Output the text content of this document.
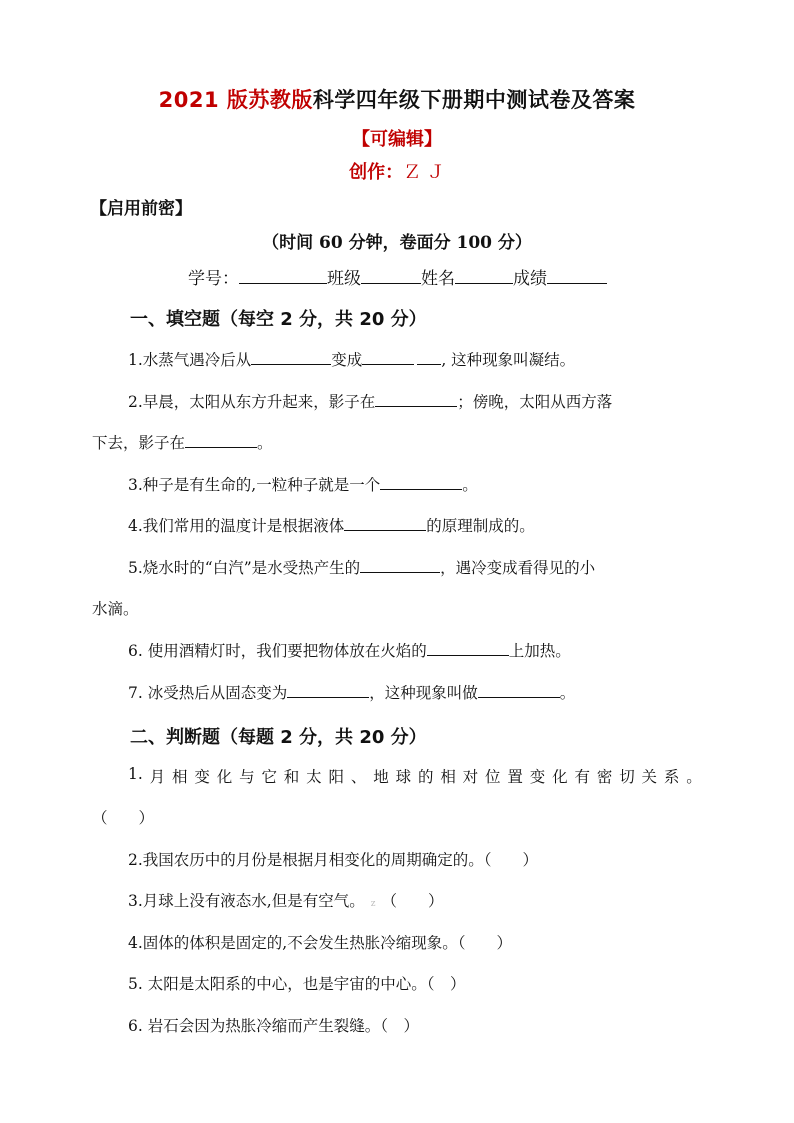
2021 版苏教版科学四年级下册期中测试卷及答案
【可编辑】
创作：Ｚ Ｊ
【启用前密】
（时间 60 分钟，卷面分 100 分）
学号：	班级	姓名	成绩
一、填空题（每空 2 分，共 20 分）
1.水蒸气遇冷后从	变成	, 这种现象叫凝结。
2.早晨，太阳从东方升起来，影子在	；傍晚，太阳从西方落
下去，影子在	。
3.种子是有生命的,一粒种子就是一个	。
4.我们常用的温度计是根据液体	的原理制成的。
5.烧水时的“白汽”是水受热产生的	，遇冷变成看得见的小
水滴。
6. 使用酒精灯时，我们要把物体放在火焰的	上加热。
7. 冰受热后从固态变为	，这种现象叫做	。
二、判断题（每题 2 分，共 20 分）
1. 月 相 变 化 与 它 和 太 阳 、 地 球 的 相 对 位 置 变 化 有 密 切 关 系 。
（　　）
2.我国农历中的月份是根据月相变化的周期确定的。（　　）
3.月球上没有液态水,但是有空气。 z （　　）
4.固体的体积是固定的,不会发生热胀冷缩现象。（　　）
5. 太阳是太阳系的中心，也是宇宙的中心。（　）
6. 岩石会因为热胀冷缩而产生裂缝。（　）
